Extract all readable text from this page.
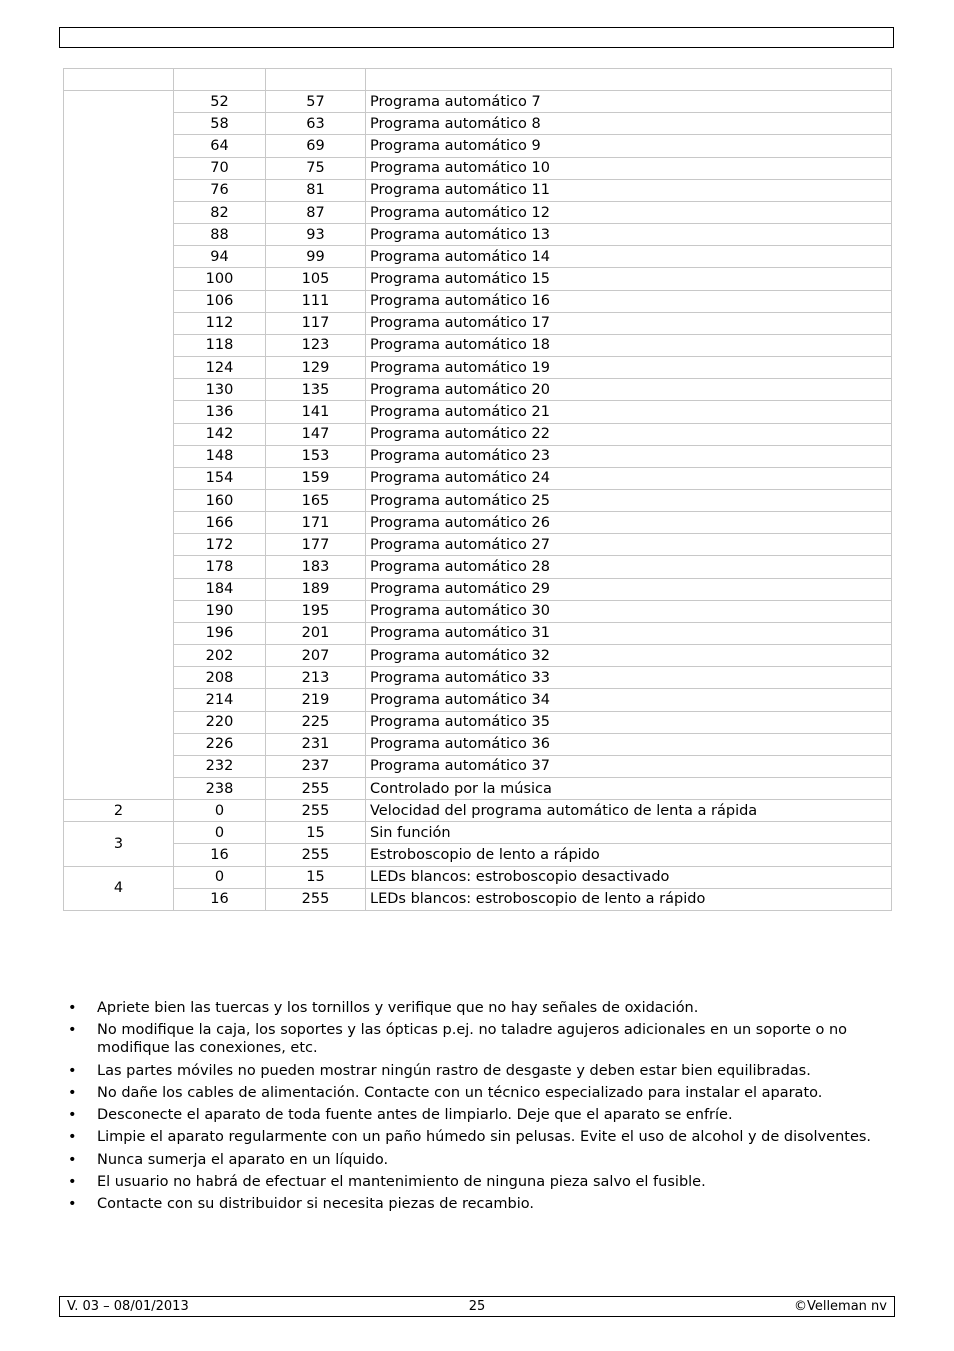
	52	57	Programa automático 7
	58	63	Programa automático 8
	64	69	Programa automático 9
	70	75	Programa automático 10
	76	81	Programa automático 11
	82	87	Programa automático 12
	88	93	Programa automático 13
	94	99	Programa automático 14
	100	105	Programa automático 15
	106	111	Programa automático 16
	112	117	Programa automático 17
	118	123	Programa automático 18
	124	129	Programa automático 19
	130	135	Programa automático 20
	136	141	Programa automático 21
	142	147	Programa automático 22
	148	153	Programa automático 23
	154	159	Programa automático 24
	160	165	Programa automático 25
	166	171	Programa automático 26
	172	177	Programa automático 27
	178	183	Programa automático 28
	184	189	Programa automático 29
	190	195	Programa automático 30
	196	201	Programa automático 31
	202	207	Programa automático 32
	208	213	Programa automático 33
	214	219	Programa automático 34
	220	225	Programa automático 35
	226	231	Programa automático 36
	232	237	Programa automático 37
	238	255	Controlado por la música
2	0	255	Velocidad del programa automático de lenta a rápida
3	0	15	Sin función
	16	255	Estroboscopio de lento a rápido
4	0	15	LEDs blancos: estroboscopio desactivado
	16	255	LEDs blancos: estroboscopio de lento a rápido
• Apriete bien las tuercas y los tornillos y verifique que no hay señales de oxidación.
• No modifique la caja, los soportes y las ópticas p.ej. no taladre agujeros adicionales en un soporte o no modifique las conexiones, etc.
• Las partes móviles no pueden mostrar ningún rastro de desgaste y deben estar bien equilibradas.
• No dañe los cables de alimentación. Contacte con un técnico especializado para instalar el aparato.
• Desconecte el aparato de toda fuente antes de limpiarlo. Deje que el aparato se enfríe.
• Limpie el aparato regularmente con un paño húmedo sin pelusas. Evite el uso de alcohol y de disolventes.
• Nunca sumerja el aparato en un líquido.
• El usuario no habrá de efectuar el mantenimiento de ninguna pieza salvo el fusible.
• Contacte con su distribuidor si necesita piezas de recambio.
V. 03 – 08/01/2013	25	©Velleman nv
